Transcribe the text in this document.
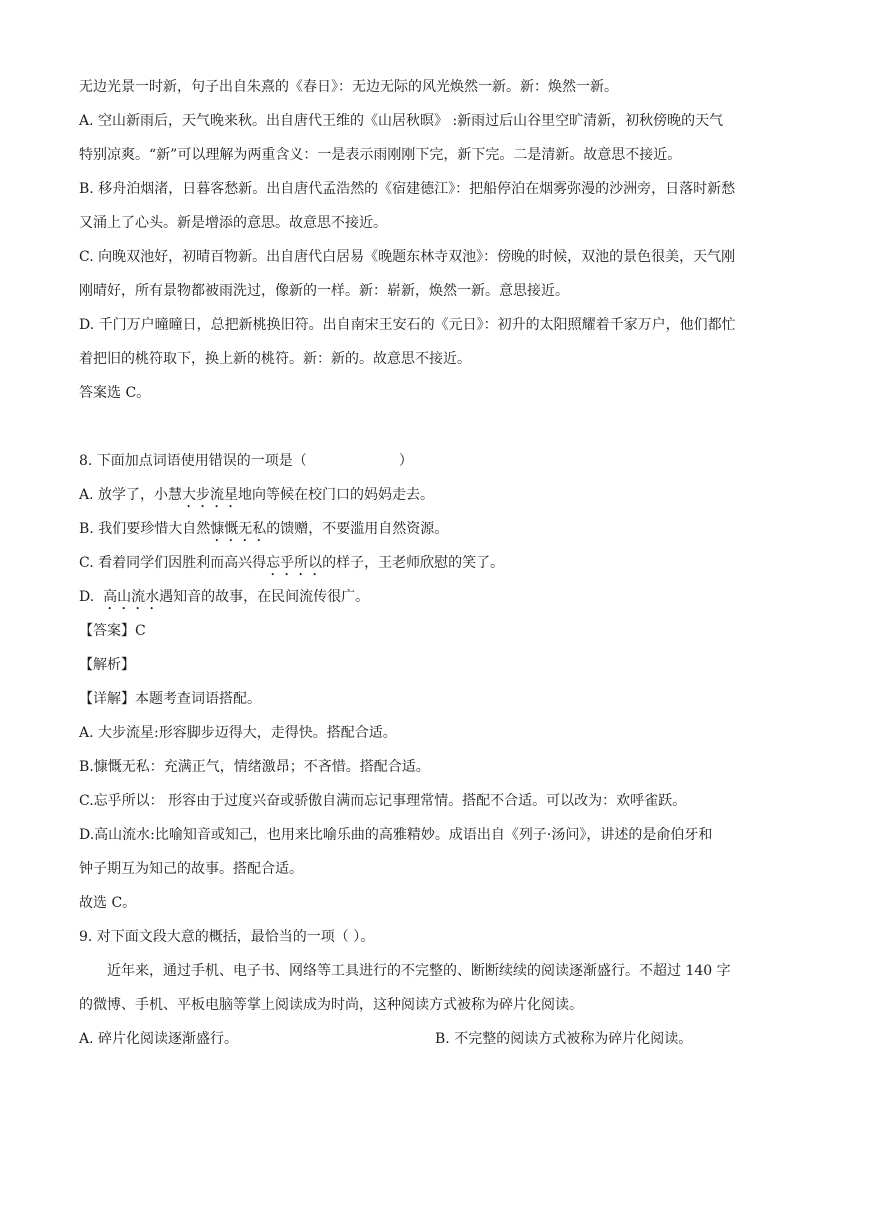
无边光景一时新，句子出自朱熹的《春日》：无边无际的风光焕然一新。新：焕然一新。
A. 空山新雨后，天气晚来秋。出自唐代王维的《山居秋暝》 :新雨过后山谷里空旷清新，初秋傍晚的天气
特别凉爽。“新”可以理解为两重含义：一是表示雨刚刚下完，新下完。二是清新。故意思不接近。
B. 移舟泊烟渚，日暮客愁新。出自唐代孟浩然的《宿建德江》：把船停泊在烟雾弥漫的沙洲旁，日落时新愁
又涌上了心头。新是增添的意思。故意思不接近。
C. 向晚双池好，初晴百物新。出自唐代白居易《晚题东林寺双池》：傍晚的时候，双池的景色很美，天气刚
刚晴好，所有景物都被雨洗过，像新的一样。新：崭新，焕然一新。意思接近。
D. 千门万户曈曈日，总把新桃换旧符。出自南宋王安石的《元日》：初升的太阳照耀着千家万户，他们都忙
着把旧的桃符取下，换上新的桃符。新：新的。故意思不接近。
答案选 C。
8. 下面加点词语使用错误的一项是（	）
A. 放学了，小慧大步流星地向等候在校门口的妈妈走去。
B. 我们要珍惜大自然慷慨无私的馈赠，不要滥用自然资源。
C. 看着同学们因胜利而高兴得忘乎所以的样子，王老师欣慰的笑了。
D.  高山流水遇知音的故事，在民间流传很广。
【答案】C
【解析】
【详解】本题考查词语搭配。
A. 大步流星:形容脚步迈得大，走得快。搭配合适。
B.慷慨无私：充满正气，情绪激昂；不吝惜。搭配合适。
C.忘乎所以： 形容由于过度兴奋或骄傲自满而忘记事理常情。搭配不合适。可以改为：欢呼雀跃。
D.高山流水:比喻知音或知己，也用来比喻乐曲的高雅精妙。成语出自《列子·汤问》，讲述的是俞伯牙和
钟子期互为知己的故事。搭配合适。
故选 C。
9. 对下面文段大意的概括，最恰当的一项（ ）。
近年来，通过手机、电子书、网络等工具进行的不完整的、断断续续的阅读逐渐盛行。不超过 140 字
的微博、手机、平板电脑等掌上阅读成为时尚，这种阅读方式被称为碎片化阅读。
A. 碎片化阅读逐渐盛行。	B. 不完整的阅读方式被称为碎片化阅读。
